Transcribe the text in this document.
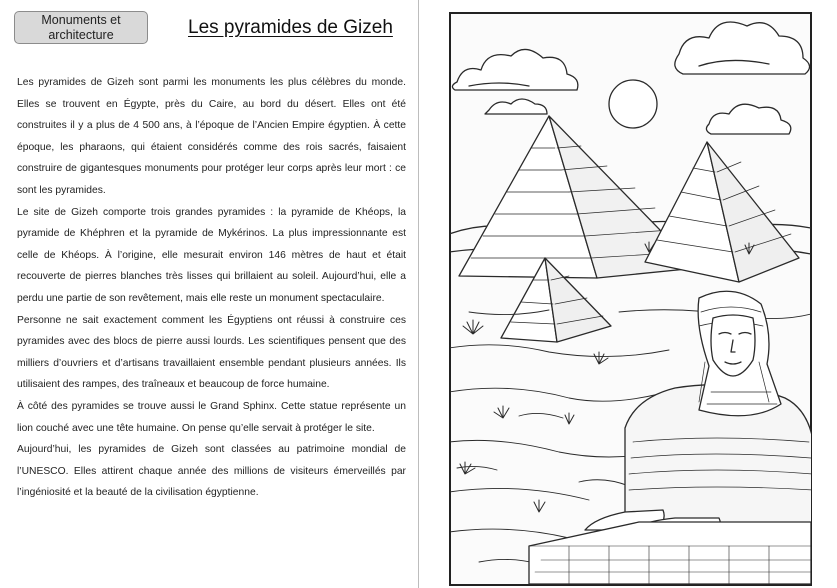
Monuments et
architecture	Les pyramides de Gizeh

Les pyramides de Gizeh sont parmi les monuments les plus célèbres du monde. Elles se trouvent en Égypte, près du Caire, au bord du désert. Elles ont été construites il y a plus de 4 500 ans, à l’époque de l’Ancien Empire égyptien. À cette époque, les pharaons, qui étaient considérés comme des rois sacrés, faisaient construire de gigantesques monuments pour protéger leur corps après leur mort : ce sont les pyramides.

Le site de Gizeh comporte trois grandes pyramides : la pyramide de Khéops, la pyramide de Khéphren et la pyramide de Mykérinos. La plus impressionnante est celle de Khéops. À l’origine, elle mesurait environ 146 mètres de haut et était recouverte de pierres blanches très lisses qui brillaient au soleil. Aujourd’hui, elle a perdu une partie de son revêtement, mais elle reste un monument spectaculaire.

Personne ne sait exactement comment les Égyptiens ont réussi à construire ces pyramides avec des blocs de pierre aussi lourds. Les scientifiques pensent que des milliers d’ouvriers et d’artisans travaillaient ensemble pendant plusieurs années. Ils utilisaient des rampes, des traîneaux et beaucoup de force humaine.

À côté des pyramides se trouve aussi le Grand Sphinx. Cette statue représente un lion couché avec une tête humaine. On pense qu’elle servait à protéger le site.

Aujourd’hui, les pyramides de Gizeh sont classées au patrimoine mondial de l’UNESCO. Elles attirent chaque année des millions de visiteurs émerveillés par l’ingéniosité et la beauté de la civilisation égyptienne.
